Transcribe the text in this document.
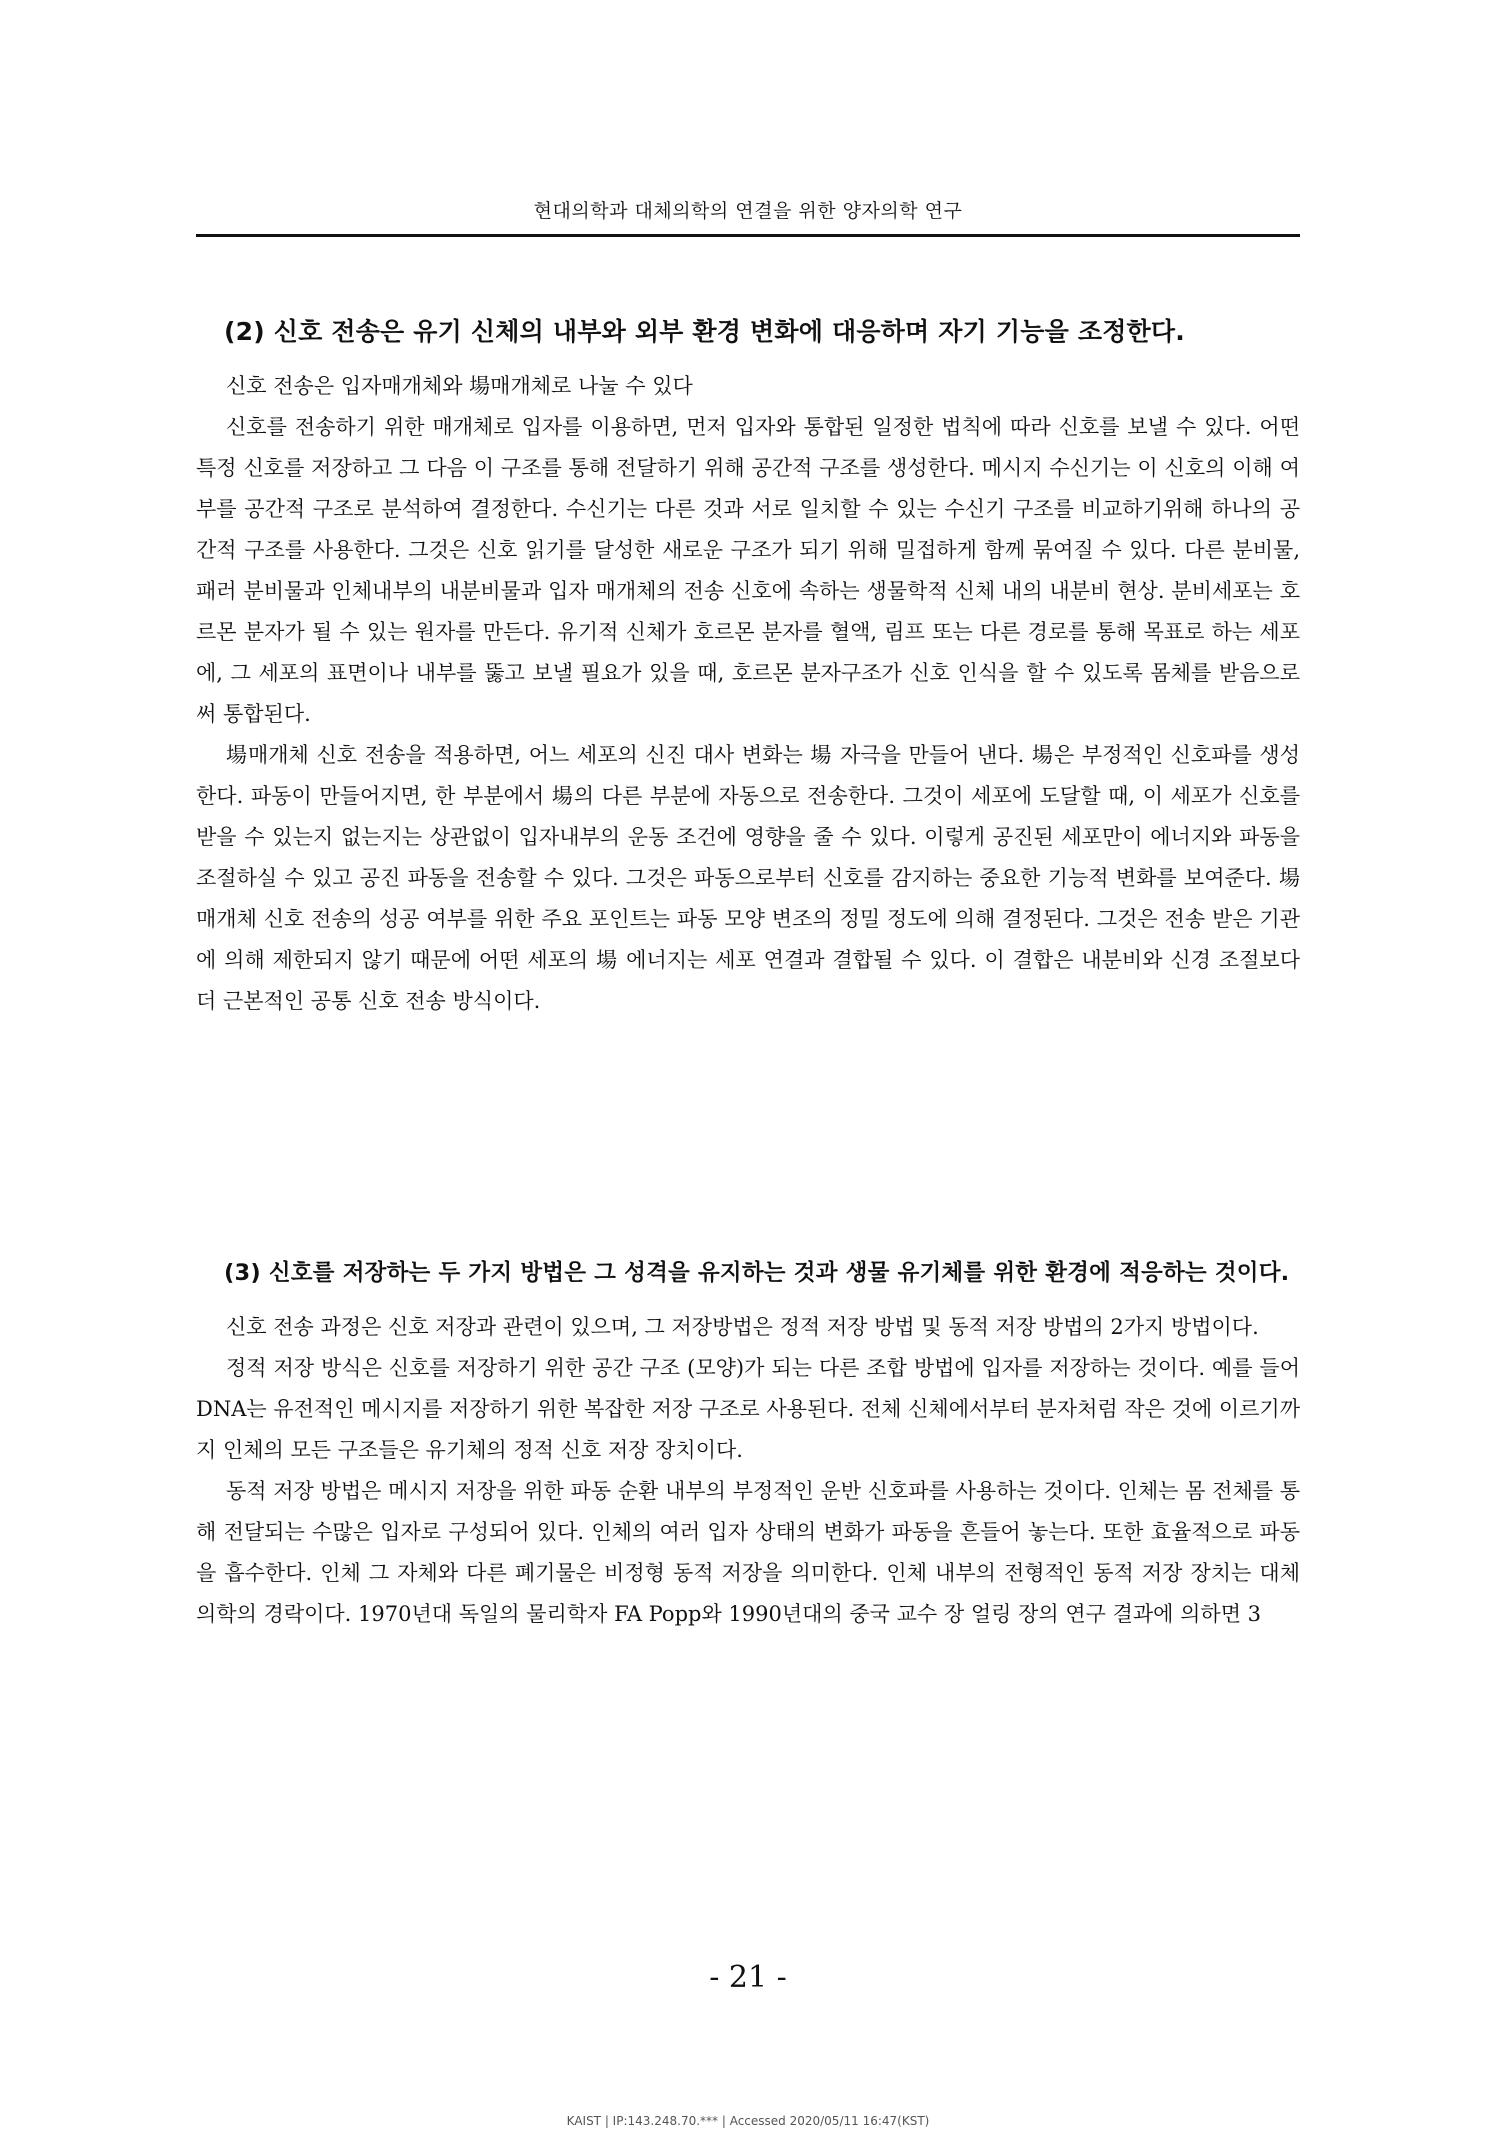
현대의학과 대체의학의 연결을 위한 양자의학 연구
(2) 신호 전송은 유기 신체의 내부와 외부 환경 변화에 대응하며 자기 기능을 조정한다.

신호 전송은 입자매개체와 場매개체로 나눌 수 있다

신호를 전송하기 위한 매개체로 입자를 이용하면, 먼저 입자와 통합된 일정한 법칙에 따라 신호를 보낼 수 있다. 어떤 특정 신호를 저장하고 그 다음 이 구조를 통해 전달하기 위해 공간적 구조를 생성한다. 메시지 수신기는 이 신호의 이해 여부를 공간적 구조로 분석하여 결정한다. 수신기는 다른 것과 서로 일치할 수 있는 수신기 구조를 비교하기위해 하나의 공간적 구조를 사용한다. 그것은 신호 읽기를 달성한 새로운 구조가 되기 위해 밀접하게 함께 묶여질 수 있다. 다른 분비물, 패러 분비물과 인체내부의 내분비물과 입자 매개체의 전송 신호에 속하는 생물학적 신체 내의 내분비 현상. 분비세포는 호르몬 분자가 될 수 있는 원자를 만든다. 유기적 신체가 호르몬 분자를 혈액, 림프 또는 다른 경로를 통해 목표로 하는 세포에, 그 세포의 표면이나 내부를 뚫고 보낼 필요가 있을 때, 호르몬 분자구조가 신호 인식을 할 수 있도록 몸체를 받음으로써 통합된다.

場매개체 신호 전송을 적용하면, 어느 세포의 신진 대사 변화는 場 자극을 만들어 낸다. 場은 부정적인 신호파를 생성한다. 파동이 만들어지면, 한 부분에서 場의 다른 부분에 자동으로 전송한다. 그것이 세포에 도달할 때, 이 세포가 신호를 받을 수 있는지 없는지는 상관없이 입자내부의 운동 조건에 영향을 줄 수 있다. 이렇게 공진된 세포만이 에너지와 파동을 조절하실 수 있고 공진 파동을 전송할 수 있다. 그것은 파동으로부터 신호를 감지하는 중요한 기능적 변화를 보여준다. 場 매개체 신호 전송의 성공 여부를 위한 주요 포인트는 파동 모양 변조의 정밀 정도에 의해 결정된다. 그것은 전송 받은 기관에 의해 제한되지 않기 때문에 어떤 세포의 場 에너지는 세포 연결과 결합될 수 있다. 이 결합은 내분비와 신경 조절보다 더 근본적인 공통 신호 전송 방식이다.

(3) 신호를 저장하는 두 가지 방법은 그 성격을 유지하는 것과 생물 유기체를 위한 환경에 적응하는 것이다.

신호 전송 과정은 신호 저장과 관련이 있으며, 그 저장방법은 정적 저장 방법 및 동적 저장 방법의 2가지 방법이다.

정적 저장 방식은 신호를 저장하기 위한 공간 구조 (모양)가 되는 다른 조합 방법에 입자를 저장하는 것이다. 예를 들어 DNA는 유전적인 메시지를 저장하기 위한 복잡한 저장 구조로 사용된다. 전체 신체에서부터 분자처럼 작은 것에 이르기까지 인체의 모든 구조들은 유기체의 정적 신호 저장 장치이다.

동적 저장 방법은 메시지 저장을 위한 파동 순환 내부의 부정적인 운반 신호파를 사용하는 것이다. 인체는 몸 전체를 통해 전달되는 수많은 입자로 구성되어 있다. 인체의 여러 입자 상태의 변화가 파동을 흔들어 놓는다. 또한 효율적으로 파동을 흡수한다. 인체 그 자체와 다른 폐기물은 비정형 동적 저장을 의미한다. 인체 내부의 전형적인 동적 저장 장치는 대체 의학의 경락이다. 1970년대 독일의 물리학자 FA Popp와 1990년대의 중국 교수 장 얼링 장의 연구 결과에 의하면 3

- 21 -
KAIST | IP:143.248.70.*** | Accessed 2020/05/11 16:47(KST)
